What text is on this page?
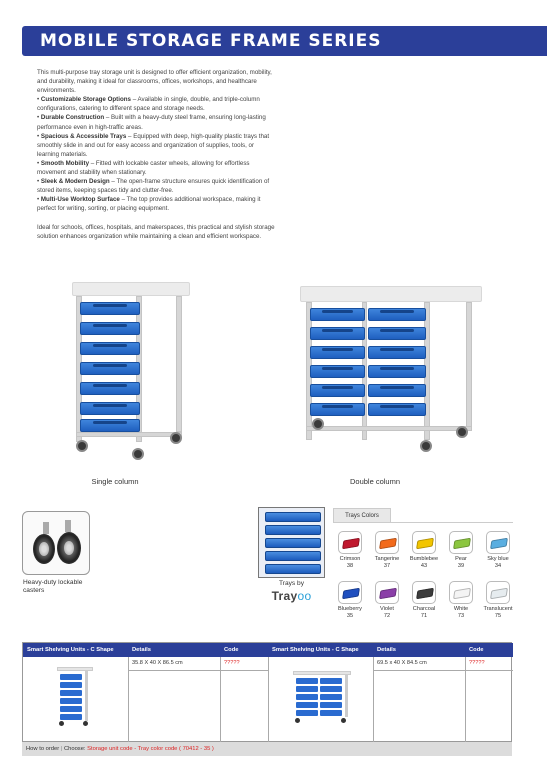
MOBILE STORAGE FRAME SERIES

This multi-purpose tray storage unit is designed to offer efficient organization, mobility, and durability, making it ideal for classrooms, offices, workshops, and healthcare environments.

• Customizable Storage Options – Available in single, double, and triple-column configurations, catering to different space and storage needs.

• Durable Construction – Built with a heavy-duty steel frame, ensuring long-lasting performance even in high-traffic areas.

• Spacious & Accessible Trays – Equipped with deep, high-quality plastic trays that smoothly slide in and out for easy access and organization of supplies, tools, or learning materials.

• Smooth Mobility – Fitted with lockable caster wheels, allowing for effortless movement and stability when stationary.

• Sleek & Modern Design – The open-frame structure ensures quick identification of stored items, keeping spaces tidy and clutter-free.

• Multi-Use Worktop Surface – The top provides additional workspace, making it perfect for writing, sorting, or placing equipment.

Ideal for schools, offices, hospitals, and makerspaces, this practical and stylish storage solution enhances organization while maintaining a clean and efficient workspace.

Single column	Double column
Heavy-duty lockable
casters
Trays by
Trayoo
Trays Colors
Crimson
38
Tangerine
37
Bumblebee
43
Pear
39
Sky blue
34
Blueberry
35
Violet
72
Charcoal
71
White
73
Translucent
75
Smart Shelving Units - C Shape	Details	Code	Smart Shelving Units - C Shape	Details	Code
35.8 X 40 X 86.5 cm	?????	69.5 x 40 X 84.5 cm	?????
How to order | Choose: Storage unit code - Tray color code ( 70412 - 35 )
